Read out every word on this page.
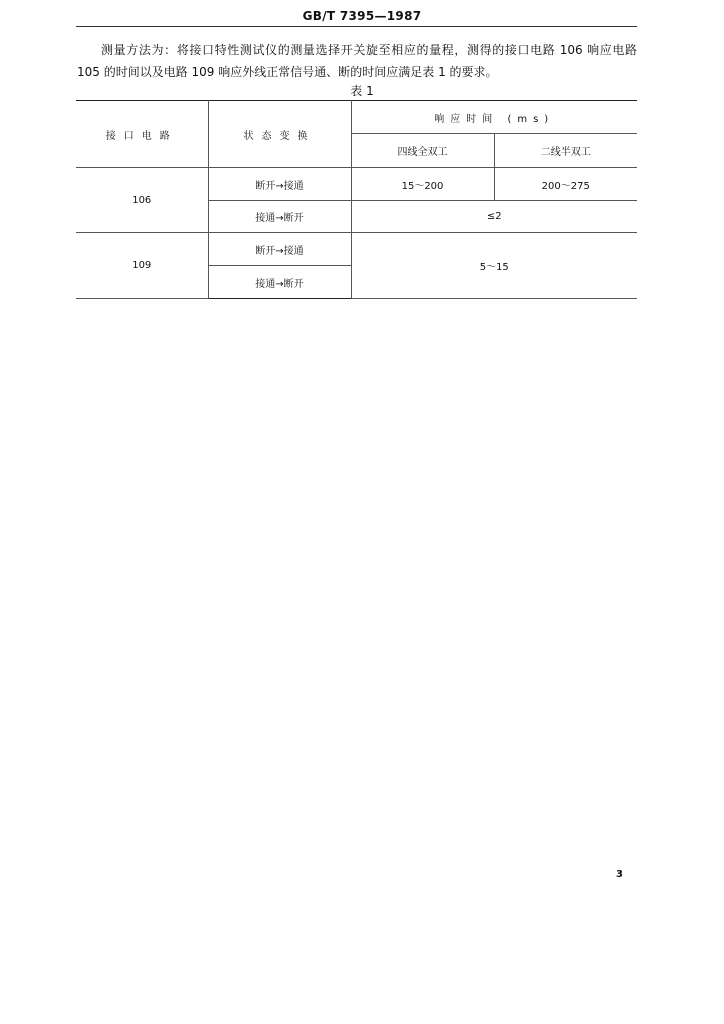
GB/T 7395—1987

测量方法为：将接口特性测试仪的测量选择开关旋至相应的量程，测得的接口电路 106 响应电路 105 的时间以及电路 109 响应外线正常信号通、断的时间应满足表 1 的要求。

表 1
接口电路	状态变换	响应时间 (ms)	
		四线全双工	二线半双工
106	断开→接通	15～200	200～275
	接通→断开	≤2	
109	断开→接通	5～15	
	接通→断开		
3
